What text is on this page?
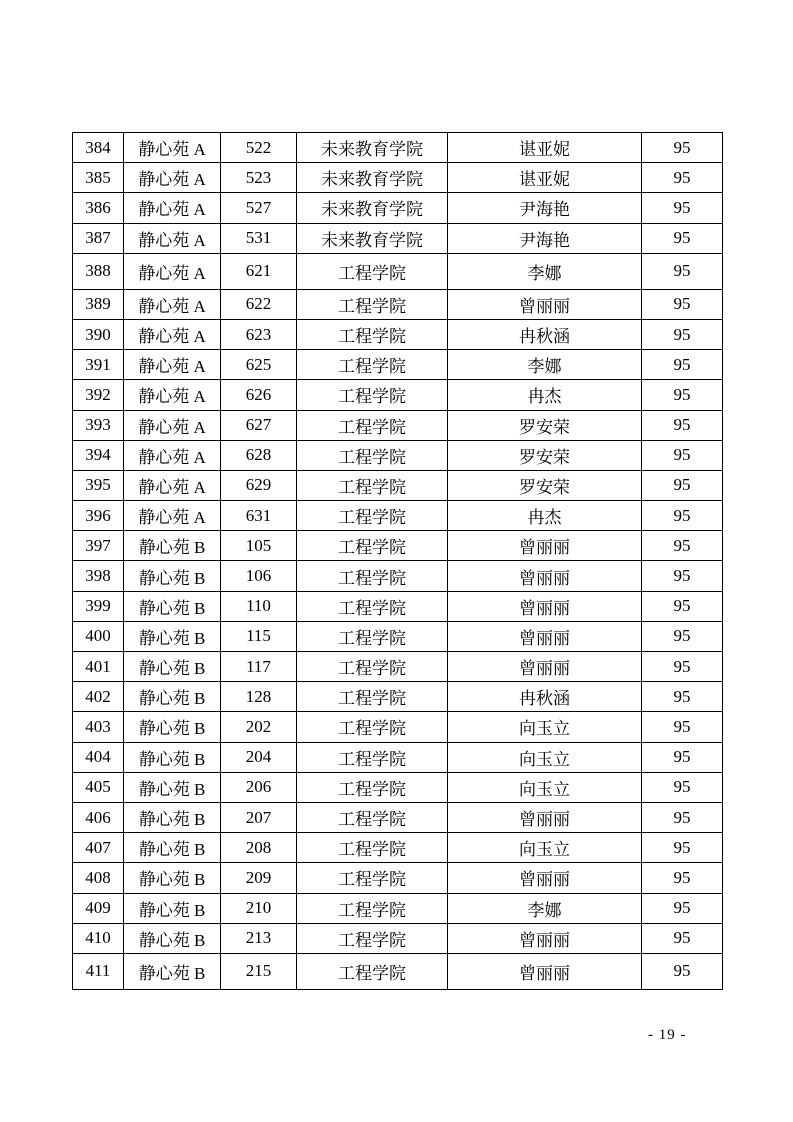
384	静心苑 A	522	未来教育学院	谌亚妮	95
385	静心苑 A	523	未来教育学院	谌亚妮	95
386	静心苑 A	527	未来教育学院	尹海艳	95
387	静心苑 A	531	未来教育学院	尹海艳	95
388	静心苑 A	621	工程学院	李娜	95
389	静心苑 A	622	工程学院	曾丽丽	95
390	静心苑 A	623	工程学院	冉秋涵	95
391	静心苑 A	625	工程学院	李娜	95
392	静心苑 A	626	工程学院	冉杰	95
393	静心苑 A	627	工程学院	罗安荣	95
394	静心苑 A	628	工程学院	罗安荣	95
395	静心苑 A	629	工程学院	罗安荣	95
396	静心苑 A	631	工程学院	冉杰	95
397	静心苑 B	105	工程学院	曾丽丽	95
398	静心苑 B	106	工程学院	曾丽丽	95
399	静心苑 B	110	工程学院	曾丽丽	95
400	静心苑 B	115	工程学院	曾丽丽	95
401	静心苑 B	117	工程学院	曾丽丽	95
402	静心苑 B	128	工程学院	冉秋涵	95
403	静心苑 B	202	工程学院	向玉立	95
404	静心苑 B	204	工程学院	向玉立	95
405	静心苑 B	206	工程学院	向玉立	95
406	静心苑 B	207	工程学院	曾丽丽	95
407	静心苑 B	208	工程学院	向玉立	95
408	静心苑 B	209	工程学院	曾丽丽	95
409	静心苑 B	210	工程学院	李娜	95
410	静心苑 B	213	工程学院	曾丽丽	95
411	静心苑 B	215	工程学院	曾丽丽	95
- 19 -
